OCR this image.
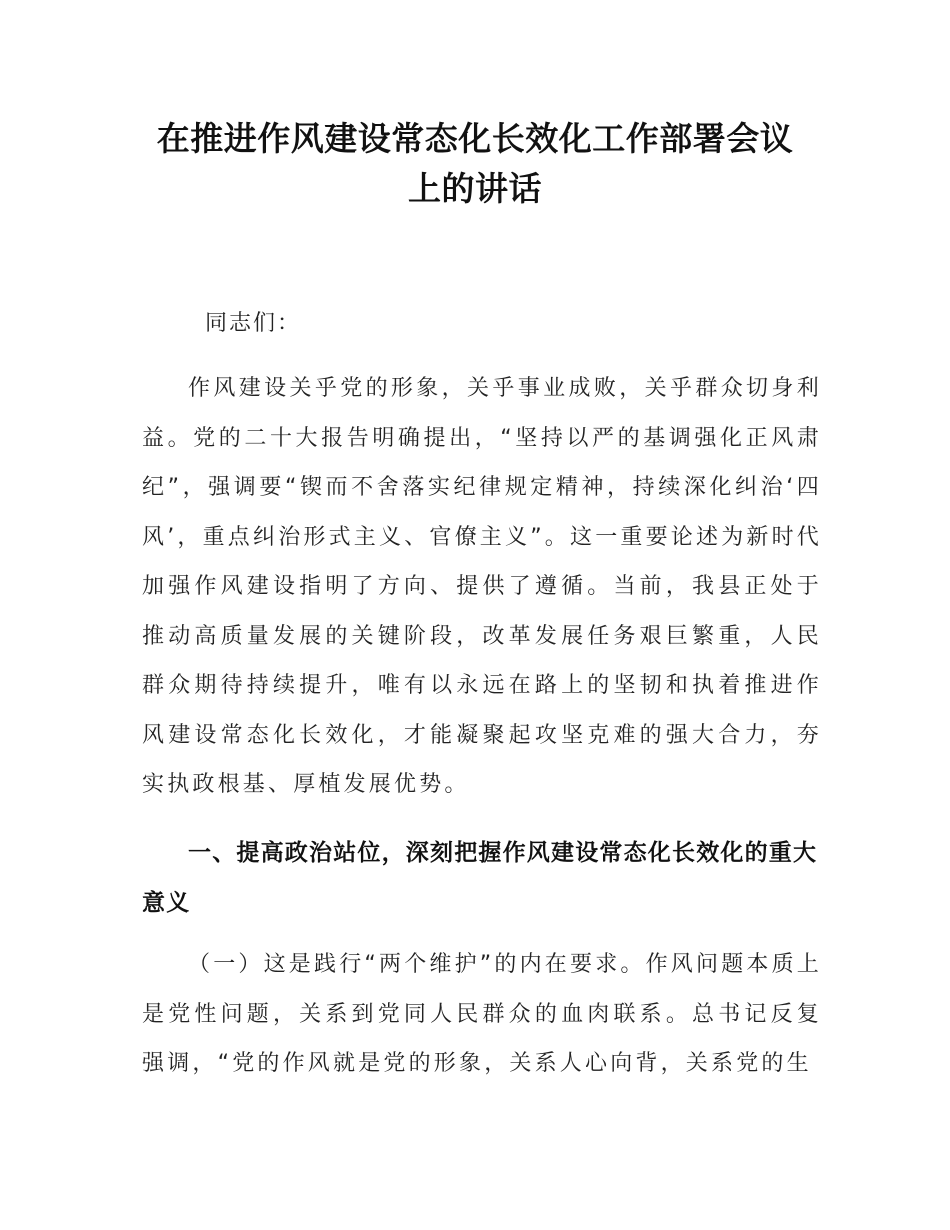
在推进作风建设常态化长效化工作部署会议
上的讲话
同志们：

作风建设关乎党的形象，关乎事业成败，关乎群众切身利益。党的二十大报告明确提出，“坚持以严的基调强化正风肃纪”，强调要“锲而不舍落实纪律规定精神，持续深化纠治‘四风’，重点纠治形式主义、官僚主义”。这一重要论述为新时代加强作风建设指明了方向、提供了遵循。当前，我县正处于推动高质量发展的关键阶段，改革发展任务艰巨繁重，人民群众期待持续提升，唯有以永远在路上的坚韧和执着推进作风建设常态化长效化，才能凝聚起攻坚克难的强大合力，夯实执政根基、厚植发展优势。

一、提高政治站位，深刻把握作风建设常态化长效化的重大意义

（一）这是践行“两个维护”的内在要求。作风问题本质上是党性问题，关系到党同人民群众的血肉联系。总书记反复强调，“党的作风就是党的形象，关系人心向背，关系党的生
